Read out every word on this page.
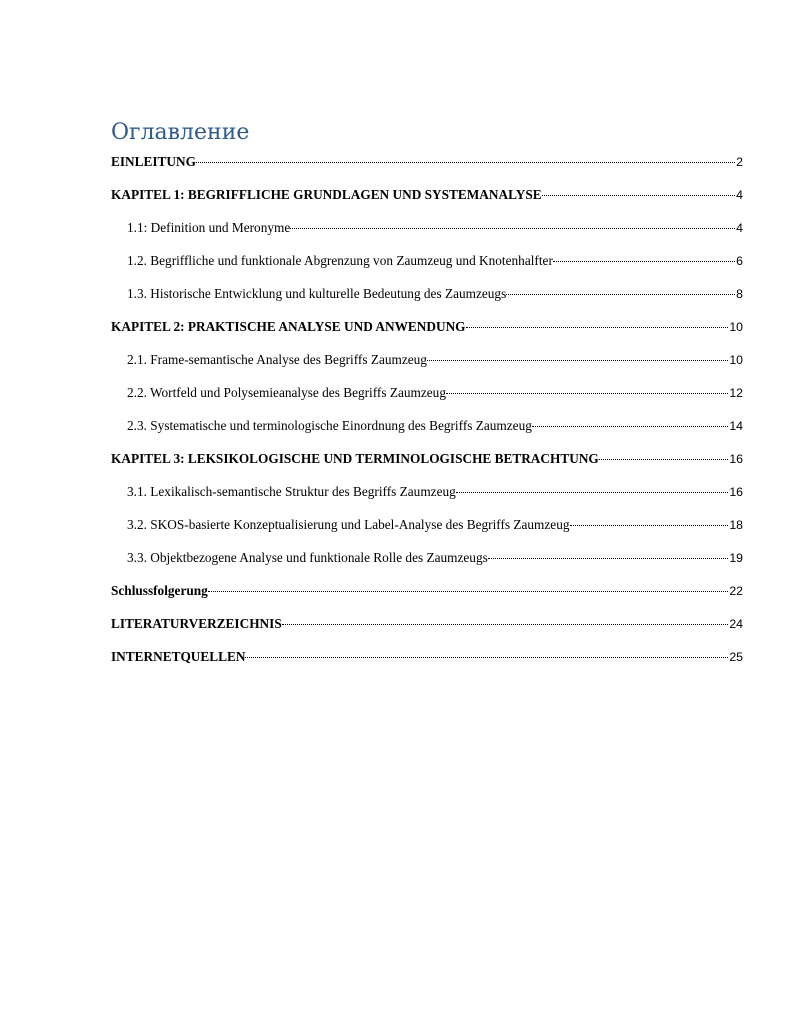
Оглавление
EINLEITUNG	2
KAPITEL 1: BEGRIFFLICHE GRUNDLAGEN UND SYSTEMANALYSE	4
1.1: Definition und Meronyme	4
1.2. Begriffliche und funktionale Abgrenzung von Zaumzeug und Knotenhalfter	6
1.3. Historische Entwicklung und kulturelle Bedeutung des Zaumzeugs	8
KAPITEL 2: PRAKTISCHE ANALYSE UND ANWENDUNG	10
2.1. Frame-semantische Analyse des Begriffs Zaumzeug	10
2.2. Wortfeld und Polysemieanalyse des Begriffs Zaumzeug	12
2.3. Systematische und terminologische Einordnung des Begriffs Zaumzeug	14
KAPITEL 3: LEKSIKOLOGISCHE UND TERMINOLOGISCHE BETRACHTUNG	16
3.1. Lexikalisch-semantische Struktur des Begriffs Zaumzeug	16
3.2. SKOS-basierte Konzeptualisierung und Label-Analyse des Begriffs Zaumzeug	18
3.3. Objektbezogene Analyse und funktionale Rolle des Zaumzeugs	19
Schlussfolgerung	22
LITERATURVERZEICHNIS	24
INTERNETQUELLEN	25
